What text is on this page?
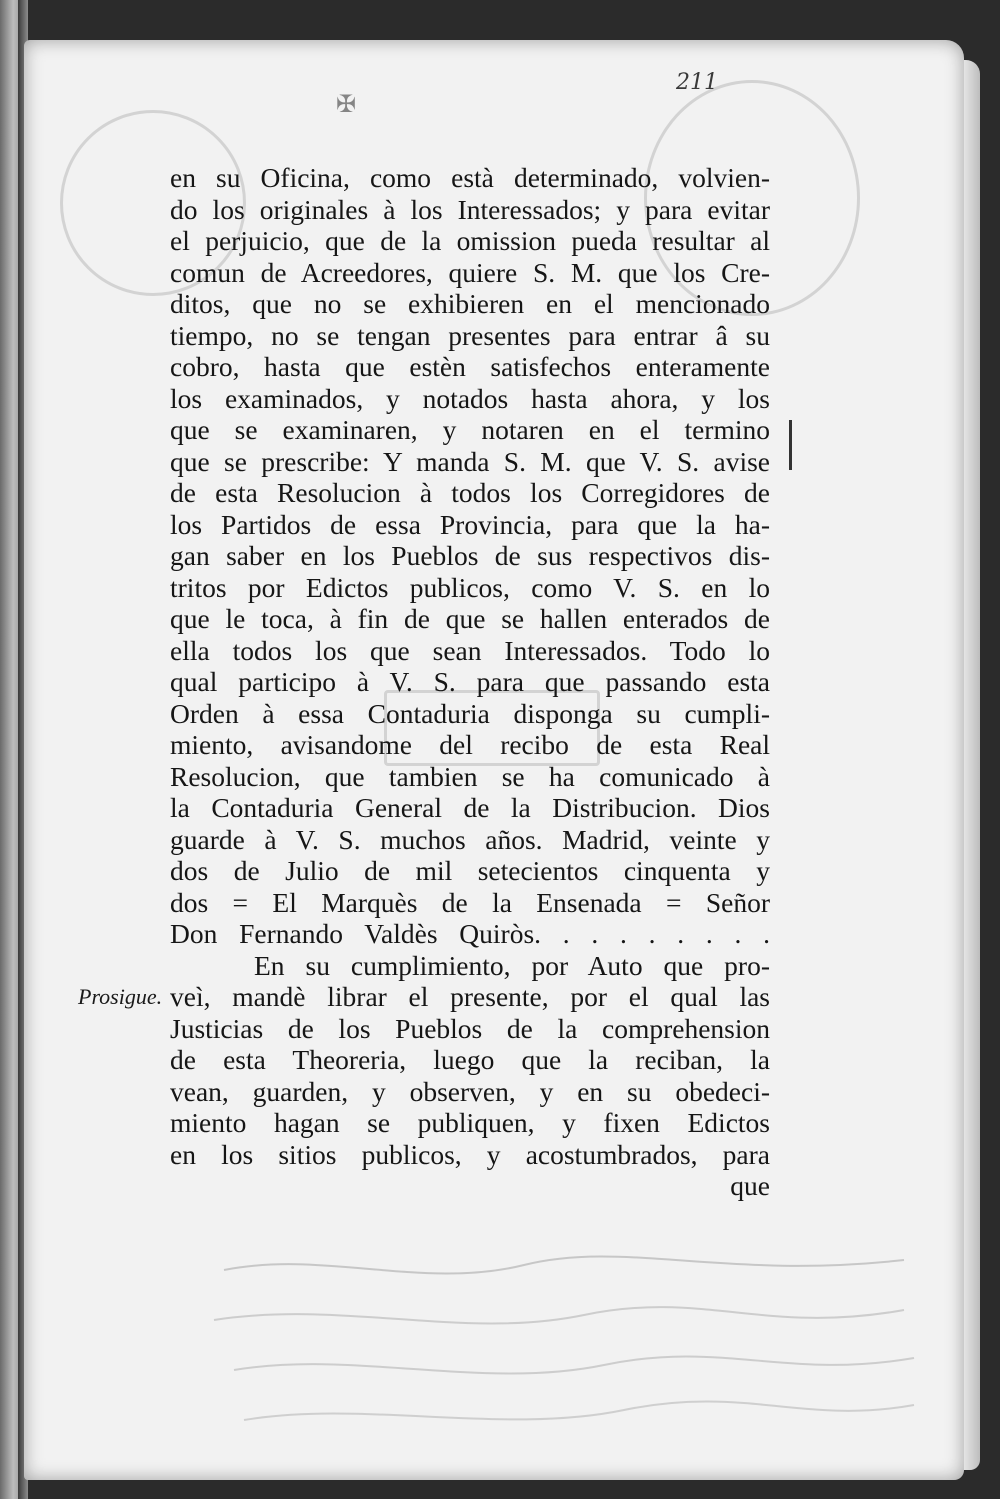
✠
211
Prosigue.
en su Oficina, como està determinado, volvien-
do los originales à los Interessados; y para evitar
el perjuicio, que de la omission pueda resultar al
comun de Acreedores, quiere S. M. que los Cre-
ditos, que no se exhibieren en el mencionado
tiempo, no se tengan presentes para entrar â su
cobro, hasta que estèn satisfechos enteramente
los examinados, y notados hasta ahora, y los
que se examinaren, y notaren en el termino
que se prescribe: Y manda S. M. que V. S. avise
de esta Resolucion à todos los Corregidores de
los Partidos de essa Provincia, para que la ha-
gan saber en los Pueblos de sus respectivos dis-
tritos por Edictos publicos, como V. S. en lo
que le toca, à fin de que se hallen enterados de
ella todos los que sean Interessados. Todo lo
qual participo à V. S. para que passando esta
Orden à essa Contaduria disponga su cumpli-
miento, avisandome del recibo de esta Real
Resolucion, que tambien se ha comunicado à
la Contaduria General de la Distribucion. Dios
guarde à V. S. muchos años. Madrid, veinte y
dos de Julio de mil setecientos cinquenta y
dos = El Marquès de la Ensenada = Señor
Don Fernando Valdès Quiròs. . . . . . . . .
En su cumplimiento, por Auto que pro-
veì, mandè librar el presente, por el qual las
Justicias de los Pueblos de la comprehension
de esta Theoreria, luego que la reciban, la
vean, guarden, y observen, y en su obedeci-
miento hagan se publiquen, y fixen Edictos
en los sitios publicos, y acostumbrados, para
que
